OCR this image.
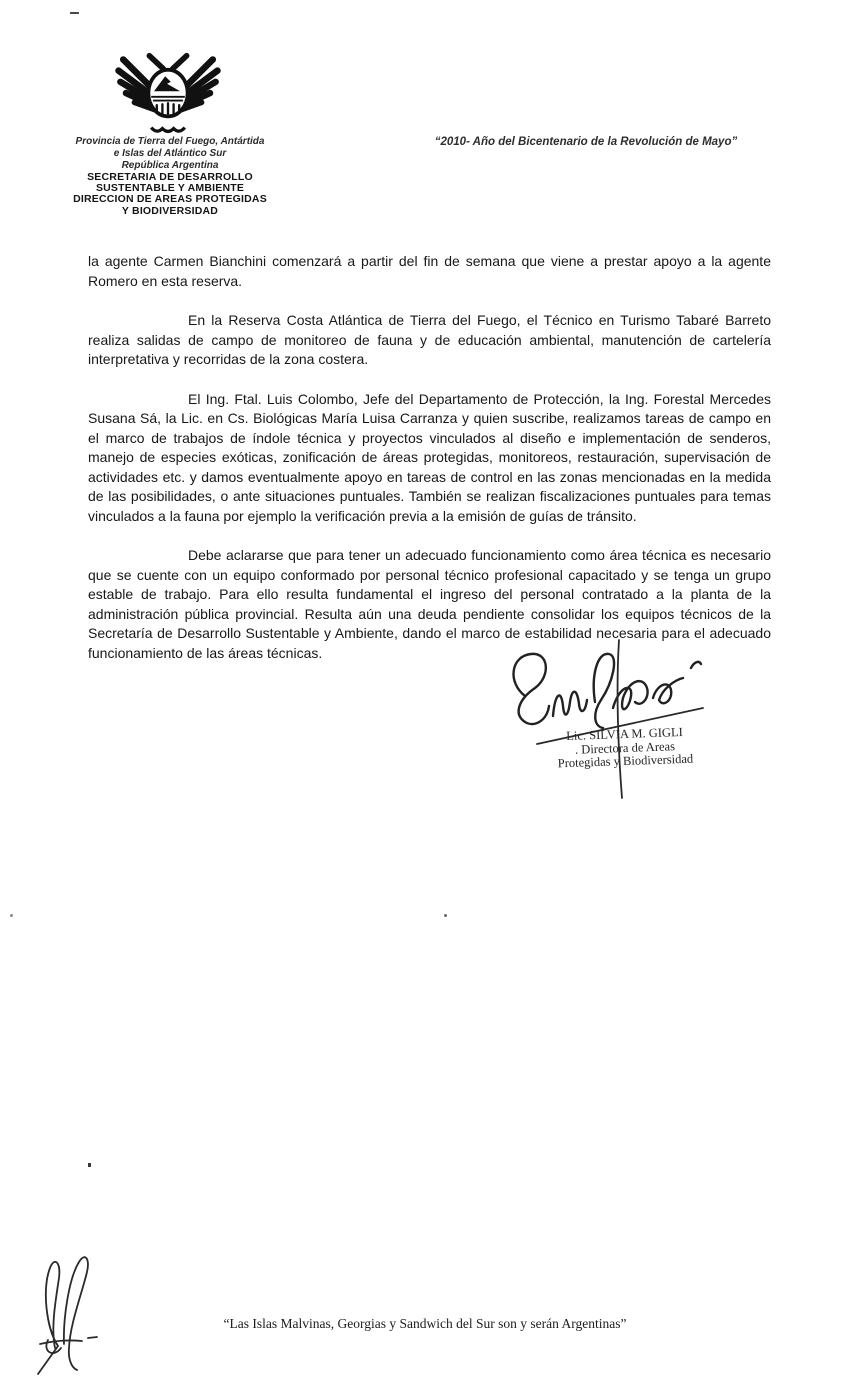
Provincia de Tierra del Fuego, Antártida
e Islas del Atlántico Sur
República Argentina
SECRETARIA DE DESARROLLO
SUSTENTABLE Y AMBIENTE
DIRECCION DE AREAS PROTEGIDAS
Y BIODIVERSIDAD
“2010- Año del Bicentenario de la Revolución de Mayo”

la agente Carmen Bianchini comenzará a partir del fin de semana que viene a prestar apoyo a la agente Romero en esta reserva.

En la Reserva Costa Atlántica de Tierra del Fuego, el Técnico en Turismo Tabaré Barreto realiza salidas de campo de monitoreo de fauna y de educación ambiental, manutención de cartelería interpretativa y recorridas de la zona costera.

El Ing. Ftal. Luis Colombo, Jefe del Departamento de Protección, la Ing. Forestal Mercedes Susana Sá, la Lic. en Cs. Biológicas María Luisa Carranza y quien suscribe, realizamos tareas de campo en el marco de trabajos de índole técnica y proyectos vinculados al diseño e implementación de senderos, manejo de especies exóticas, zonificación de áreas protegidas, monitoreos, restauración, supervisación de actividades etc. y damos eventualmente apoyo en tareas de control en las zonas mencionadas en la medida de las posibilidades, o ante situaciones puntuales. También se realizan fiscalizaciones puntuales para temas vinculados a la fauna por ejemplo la verificación previa a la emisión de guías de tránsito.

Debe aclararse que para tener un adecuado funcionamiento como área técnica es necesario que se cuente con un equipo conformado por personal técnico profesional capacitado y se tenga un grupo estable de trabajo. Para ello resulta fundamental el ingreso del personal contratado a la planta de la administración pública provincial. Resulta aún una deuda pendiente consolidar los equipos técnicos de la Secretaría de Desarrollo Sustentable y Ambiente, dando el marco de estabilidad necesaria para el adecuado funcionamiento de las áreas técnicas.

Lic. SILVIA M. GIGLI
. Directora de Areas
Protegidas y Biodiversidad
“Las Islas Malvinas, Georgias y Sandwich del Sur son y serán Argentinas”
